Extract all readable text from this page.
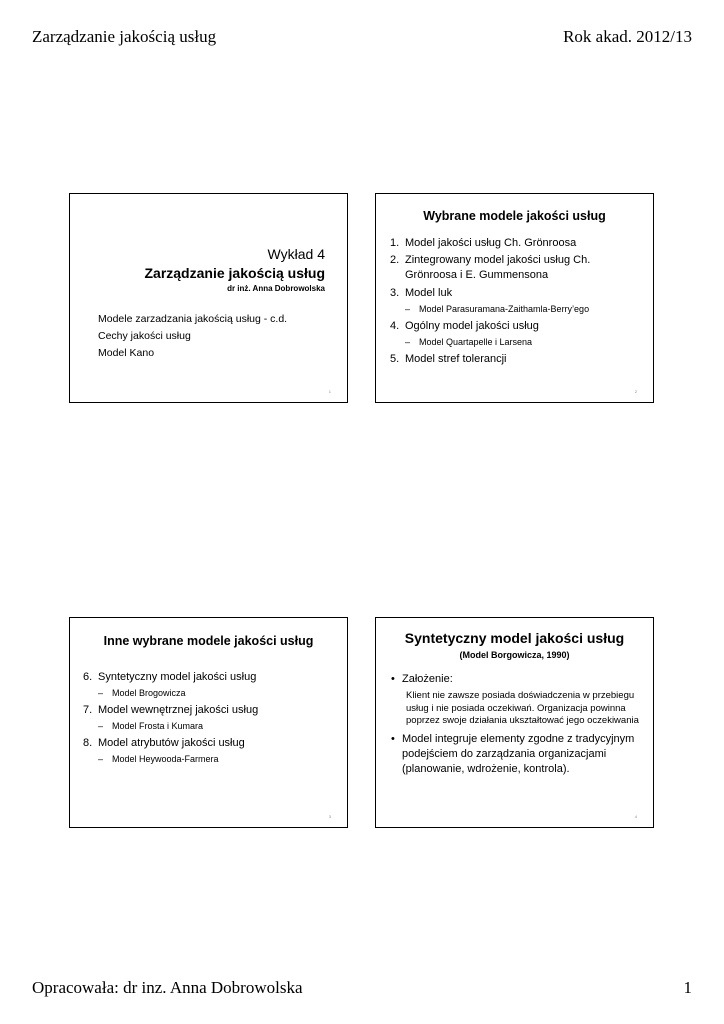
Zarządzanie jakością usług	Rok akad. 2012/13
Wykład 4
Zarządzanie jakością usług
dr inż. Anna Dobrowolska
Modele zarzadzania jakością usług - c.d.
Cechy jakości usług
Model Kano
1
Wybrane modele jakości usług
1. Model jakości usług Ch. Grönroosa
2. Zintegrowany model jakości usług Ch. Grönroosa i E. Gummensona
3. Model luk
– Model Parasuramana-Zaithamla-Berry’ego
4. Ogólny model jakości usług
– Model Quartapelle i Larsena
5. Model stref tolerancji
2
Inne wybrane modele jakości usług
6. Syntetyczny model jakości usług
– Model Brogowicza
7. Model wewnętrznej jakości usług
– Model Frosta i Kumara
8. Model atrybutów jakości usług
– Model Heywooda-Farmera
3
Syntetyczny model jakości usług
(Model Borgowicza, 1990)
• Założenie:
Klient nie zawsze posiada doświadczenia w przebiegu usług i nie posiada oczekiwań. Organizacja powinna poprzez swoje działania ukształtować jego oczekiwania
• Model integruje elementy zgodne z tradycyjnym podejściem do zarządzania organizacjami (planowanie, wdrożenie, kontrola).
4
Opracowała: dr inz. Anna Dobrowolska	1
